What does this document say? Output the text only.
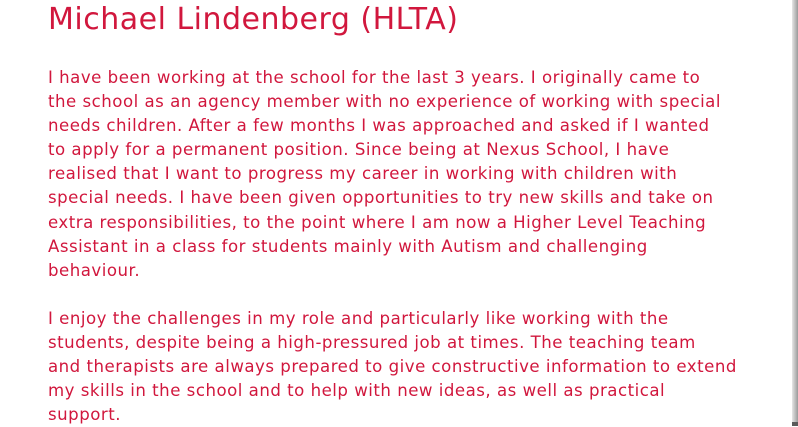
Michael Lindenberg (HLTA)
I have been working at the school for the last 3 years. I originally came to
the school as an agency member with no experience of working with special
needs children. After a few months I was approached and asked if I wanted
to apply for a permanent position. Since being at Nexus School, I have
realised that I want to progress my career in working with children with
special needs. I have been given opportunities to try new skills and take on
extra responsibilities, to the point where I am now a Higher Level Teaching
Assistant in a class for students mainly with Autism and challenging
behaviour.
I enjoy the challenges in my role and particularly like working with the
students, despite being a high-pressured job at times. The teaching team
and therapists are always prepared to give constructive information to extend
my skills in the school and to help with new ideas, as well as practical
support.
